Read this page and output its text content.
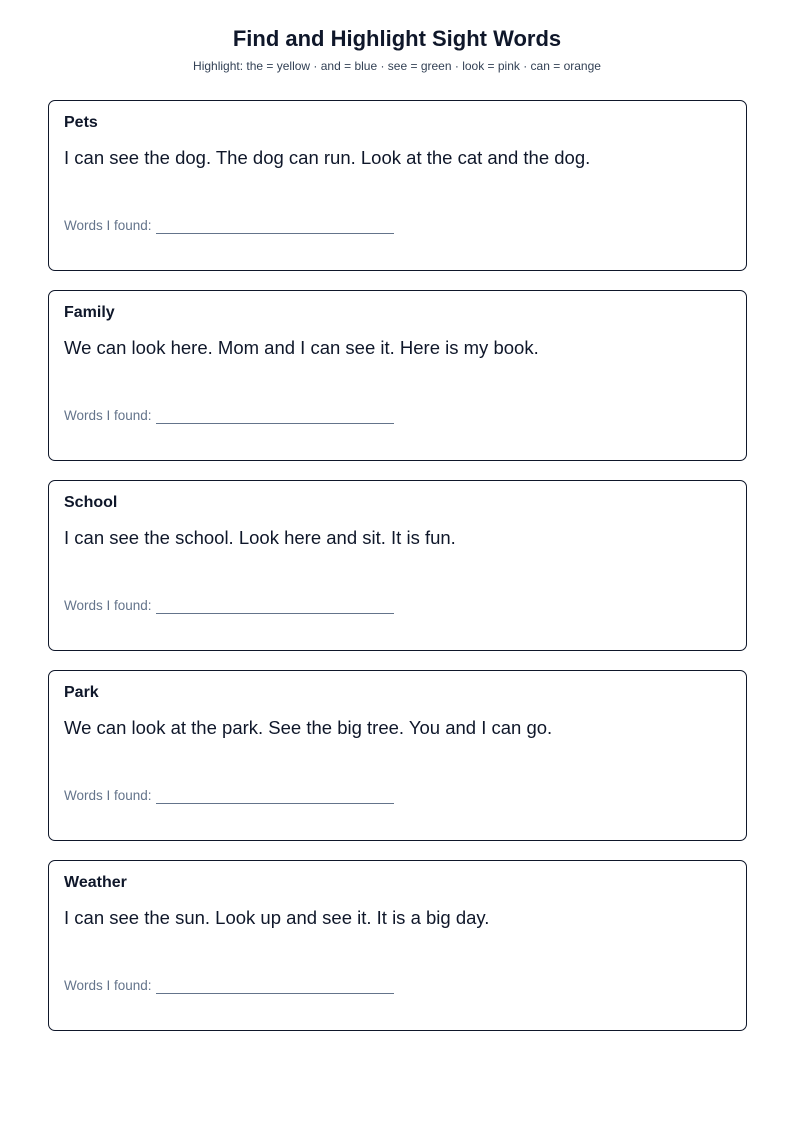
Find and Highlight Sight Words
Highlight: the = yellow · and = blue · see = green · look = pink · can = orange
Pets
I can see the dog. The dog can run. Look at the cat and the dog.
Words I found:
Family
We can look here. Mom and I can see it. Here is my book.
Words I found:
School
I can see the school. Look here and sit. It is fun.
Words I found:
Park
We can look at the park. See the big tree. You and I can go.
Words I found:
Weather
I can see the sun. Look up and see it. It is a big day.
Words I found:
